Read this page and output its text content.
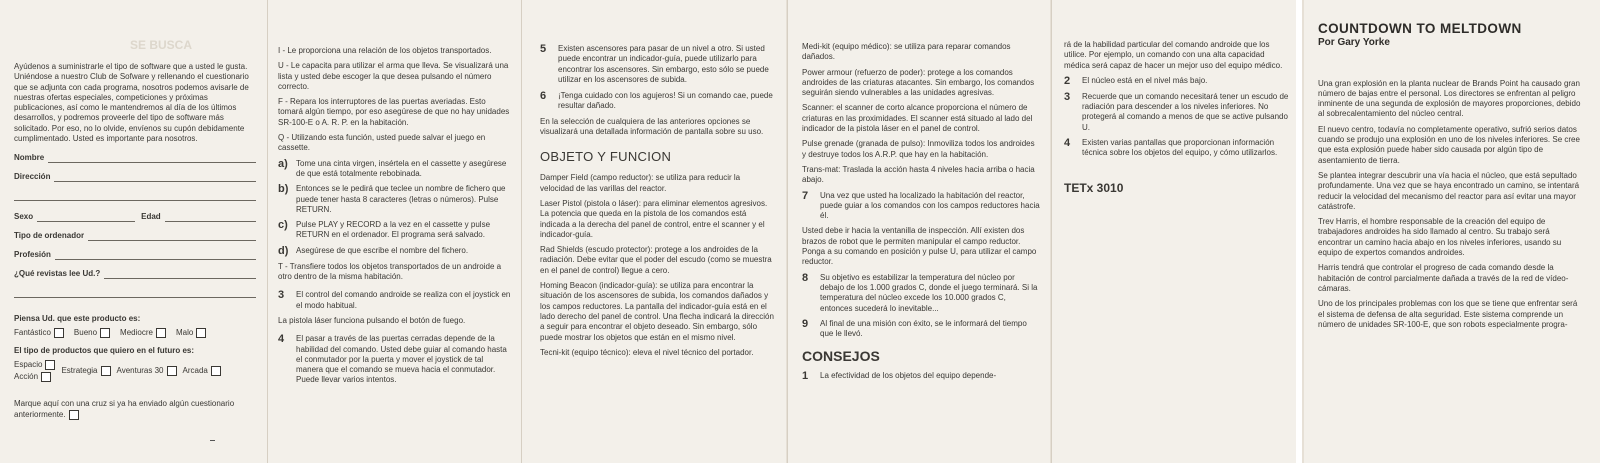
SE BUSCA

Ayúdenos a suministrarle el tipo de software que a usted le gusta. Uniéndose a nuestro Club de Sofware y rellenando el cuestionario que se adjunta con cada programa, nosotros podemos avisarle de nuestras ofertas especiales, competiciones y próximas publicaciones, así como le mantendremos al día de los últimos desarrollos, y podremos proveerle del tipo de software más solicitado. Por eso, no lo olvide, envíenos su cupón debidamente cumplimentado. Usted es importante para nosotros.

Nombre
Dirección
Sexo	Edad
Tipo de ordenador
Profesión
¿Qué revistas lee Ud.?
Piensa Ud. que este producto es:
Fantástico	Bueno	Mediocre	Malo
El tipo de productos que quiero en el futuro es:
Espacio
Acción
Estrategia	Aventuras 30	Arcada

Marque aquí con una cruz si ya ha enviado algún cuestionario anteriormente.

I - Le proporciona una relación de los objetos transportados.

U - Le capacita para utilizar el arma que lleva. Se visualizará una lista y usted debe escoger la que desea pulsando el número correcto.

F - Repara los interruptores de las puertas averiadas. Esto tomará algún tiempo, por eso asegúrese de que no hay unidades SR-100-E o A. R. P. en la habitación.

Q - Utilizando esta función, usted puede salvar el juego en cassette.

a) Tome una cinta virgen, insértela en el cassette y asegúrese de que está totalmente rebobinada.
b) Entonces se le pedirá que teclee un nombre de fichero que puede tener hasta 8 caracteres (letras o números). Pulse RETURN.
c) Pulse PLAY y RECORD a la vez en el cassette y pulse RETURN en el ordenador. El programa será salvado.
d) Asegúrese de que escribe el nombre del fichero.

T - Transfiere todos los objetos transportados de un androide a otro dentro de la misma habitación.

3	El control del comando androide se realiza con el joystick en el modo habitual.

La pistola láser funciona pulsando el botón de fuego.

4	El pasar a través de las puertas cerradas depende de la habilidad del comando. Usted debe guiar al comando hasta el conmutador por la puerta y mover el joystick de tal manera que el comando se mueva hacia el conmutador. Puede llevar varios intentos.
5	Existen ascensores para pasar de un nivel a otro. Si usted puede encontrar un indicador-guía, puede utilizarlo para encontrar los ascensores. Sin embargo, esto sólo se puede utilizar en los ascensores de subida.
6	¡Tenga cuidado con los agujeros! Si un comando cae, puede resultar dañado.

En la selección de cualquiera de las anteriores opciones se visualizará una detallada información de pantalla sobre su uso.

OBJETO Y FUNCION

Damper Field (campo reductor): se utiliza para reducir la velocidad de las varillas del reactor.

Laser Pistol (pistola o láser): para eliminar elementos agresivos. La potencia que queda en la pistola de los comandos está indicada a la derecha del panel de control, entre el scanner y el indicador-guía.

Rad Shields (escudo protector): protege a los androides de la radiación. Debe evitar que el poder del escudo (como se muestra en el panel de control) llegue a cero.

Homing Beacon (indicador-guía): se utiliza para encontrar la situación de los ascensores de subida, los comandos dañados y los campos reductores. La pantalla del indicador-guía está en el lado derecho del panel de control. Una flecha indicará la dirección a seguir para encontrar el objeto deseado. Sin embargo, sólo puede mostrar los objetos que están en el mismo nivel.

Tecni-kit (equipo técnico): eleva el nivel técnico del portador.

Medi-kit (equipo médico): se utiliza para reparar comandos dañados.

Power armour (refuerzo de poder): protege a los comandos androides de las criaturas atacantes. Sin embargo, los comandos seguirán siendo vulnerables a las unidades agresivas.

Scanner: el scanner de corto alcance proporciona el número de criaturas en las proximidades. El scanner está situado al lado del indicador de la pistola láser en el panel de control.

Pulse grenade (granada de pulso): Inmoviliza todos los androides y destruye todos los A.R.P. que hay en la habitación.

Trans-mat: Traslada la acción hasta 4 niveles hacia arriba o hacia abajo.

7	Una vez que usted ha localizado la habitación del reactor, puede guiar a los comandos con los campos reductores hacia él.

Usted debe ir hacia la ventanilla de inspección. Allí existen dos brazos de robot que le permiten manipular el campo reductor. Ponga a su comando en posición y pulse U, para utilizar el campo reductor.

8	Su objetivo es estabilizar la temperatura del núcleo por debajo de los 1.000 grados C, donde el juego terminará. Si la temperatura del núcleo excede los 10.000 grados C, entonces sucederá lo inevitable...
9	Al final de una misión con éxito, se le informará del tiempo que le llevó.
CONSEJOS
1	La efectividad de los objetos del equipo depende-

rá de la habilidad particular del comando androide que los utilice. Por ejemplo, un comando con una alta capacidad médica será capaz de hacer un mejor uso del equipo médico.

2	El núcleo está en el nivel más bajo.
3	Recuerde que un comando necesitará tener un escudo de radiación para descender a los niveles inferiores. No protegerá al comando a menos de que se active pulsando U.
4	Existen varias pantallas que proporcionan información técnica sobre los objetos del equipo, y cómo utilizarlos.
TETx 3010
COUNTDOWN TO MELTDOWN
Por Gary Yorke

Una gran explosión en la planta nuclear de Brands Point ha causado gran número de bajas entre el personal. Los directores se enfrentan al peligro inminente de una segunda de explosión de mayores proporciones, debido al sobrecalentamiento del núcleo central.

El nuevo centro, todavía no completamente operativo, sufrió serios datos cuando se produjo una explosión en uno de los niveles inferiores. Se cree que esta explosión puede haber sido causada por algún tipo de asentamiento de tierra.

Se plantea integrar descubrir una vía hacia el núcleo, que está sepultado profundamente. Una vez que se haya encontrado un camino, se intentará reducir la velocidad del mecanismo del reactor para así evitar una mayor catástrofe.

Trev Harris, el hombre responsable de la creación del equipo de trabajadores androides ha sido llamado al centro. Su trabajo será encontrar un camino hacia abajo en los niveles inferiores, usando su equipo de expertos comandos androides.

Harris tendrá que controlar el progreso de cada comando desde la habitación de control parcialmente dañada a través de la red de vídeo-cámaras.

Uno de los principales problemas con los que se tiene que enfrentar será el sistema de defensa de alta seguridad. Este sistema comprende un número de unidades SR-100-E, que son robots especialmente progra-
